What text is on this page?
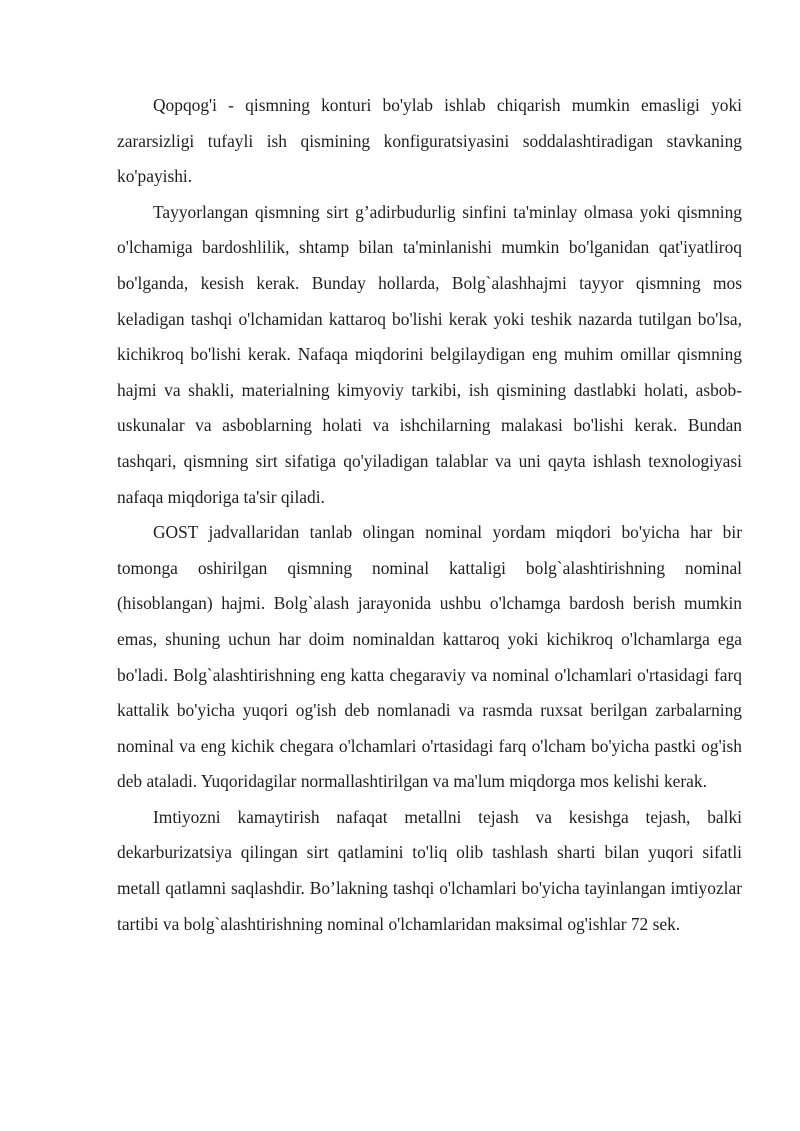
Qopqog'i - qismning konturi bo'ylab ishlab chiqarish mumkin emasligi yoki zararsizligi tufayli ish qismining konfiguratsiyasini soddalashtiradigan stavkaning ko'payishi.

Tayyorlangan qismning sirt g’adirbudurlig sinfini ta'minlay olmasa yoki qismning o'lchamiga bardoshlilik, shtamp bilan ta'minlanishi mumkin bo'lganidan qat'iyatliroq bo'lganda, kesish kerak. Bunday hollarda, Bolg`alashhajmi tayyor qismning mos keladigan tashqi o'lchamidan kattaroq bo'lishi kerak yoki teshik nazarda tutilgan bo'lsa, kichikroq bo'lishi kerak. Nafaqa miqdorini belgilaydigan eng muhim omillar qismning hajmi va shakli, materialning kimyoviy tarkibi, ish qismining dastlabki holati, asbob-uskunalar va asboblarning holati va ishchilarning malakasi bo'lishi kerak. Bundan tashqari, qismning sirt sifatiga qo'yiladigan talablar va uni qayta ishlash texnologiyasi nafaqa miqdoriga ta'sir qiladi.

GOST jadvallaridan tanlab olingan nominal yordam miqdori bo'yicha har bir tomonga oshirilgan qismning nominal kattaligi bolg`alashtirishning nominal (hisoblangan) hajmi. Bolg`alash jarayonida ushbu o'lchamga bardosh berish mumkin emas, shuning uchun har doim nominaldan kattaroq yoki kichikroq o'lchamlarga ega bo'ladi. Bolg`alashtirishning eng katta chegaraviy va nominal o'lchamlari o'rtasidagi farq kattalik bo'yicha yuqori og'ish deb nomlanadi va rasmda ruxsat berilgan zarbalarning nominal va eng kichik chegara o'lchamlari o'rtasidagi farq o'lcham bo'yicha pastki og'ish deb ataladi. Yuqoridagilar normallashtirilgan va ma'lum miqdorga mos kelishi kerak.

Imtiyozni kamaytirish nafaqat metallni tejash va kesishga tejash, balki dekarburizatsiya qilingan sirt qatlamini to'liq olib tashlash sharti bilan yuqori sifatli metall qatlamni saqlashdir. Bo’lakning tashqi o'lchamlari bo'yicha tayinlangan imtiyozlar tartibi va bolg`alashtirishning nominal o'lchamlaridan maksimal og'ishlar 72 sek.
